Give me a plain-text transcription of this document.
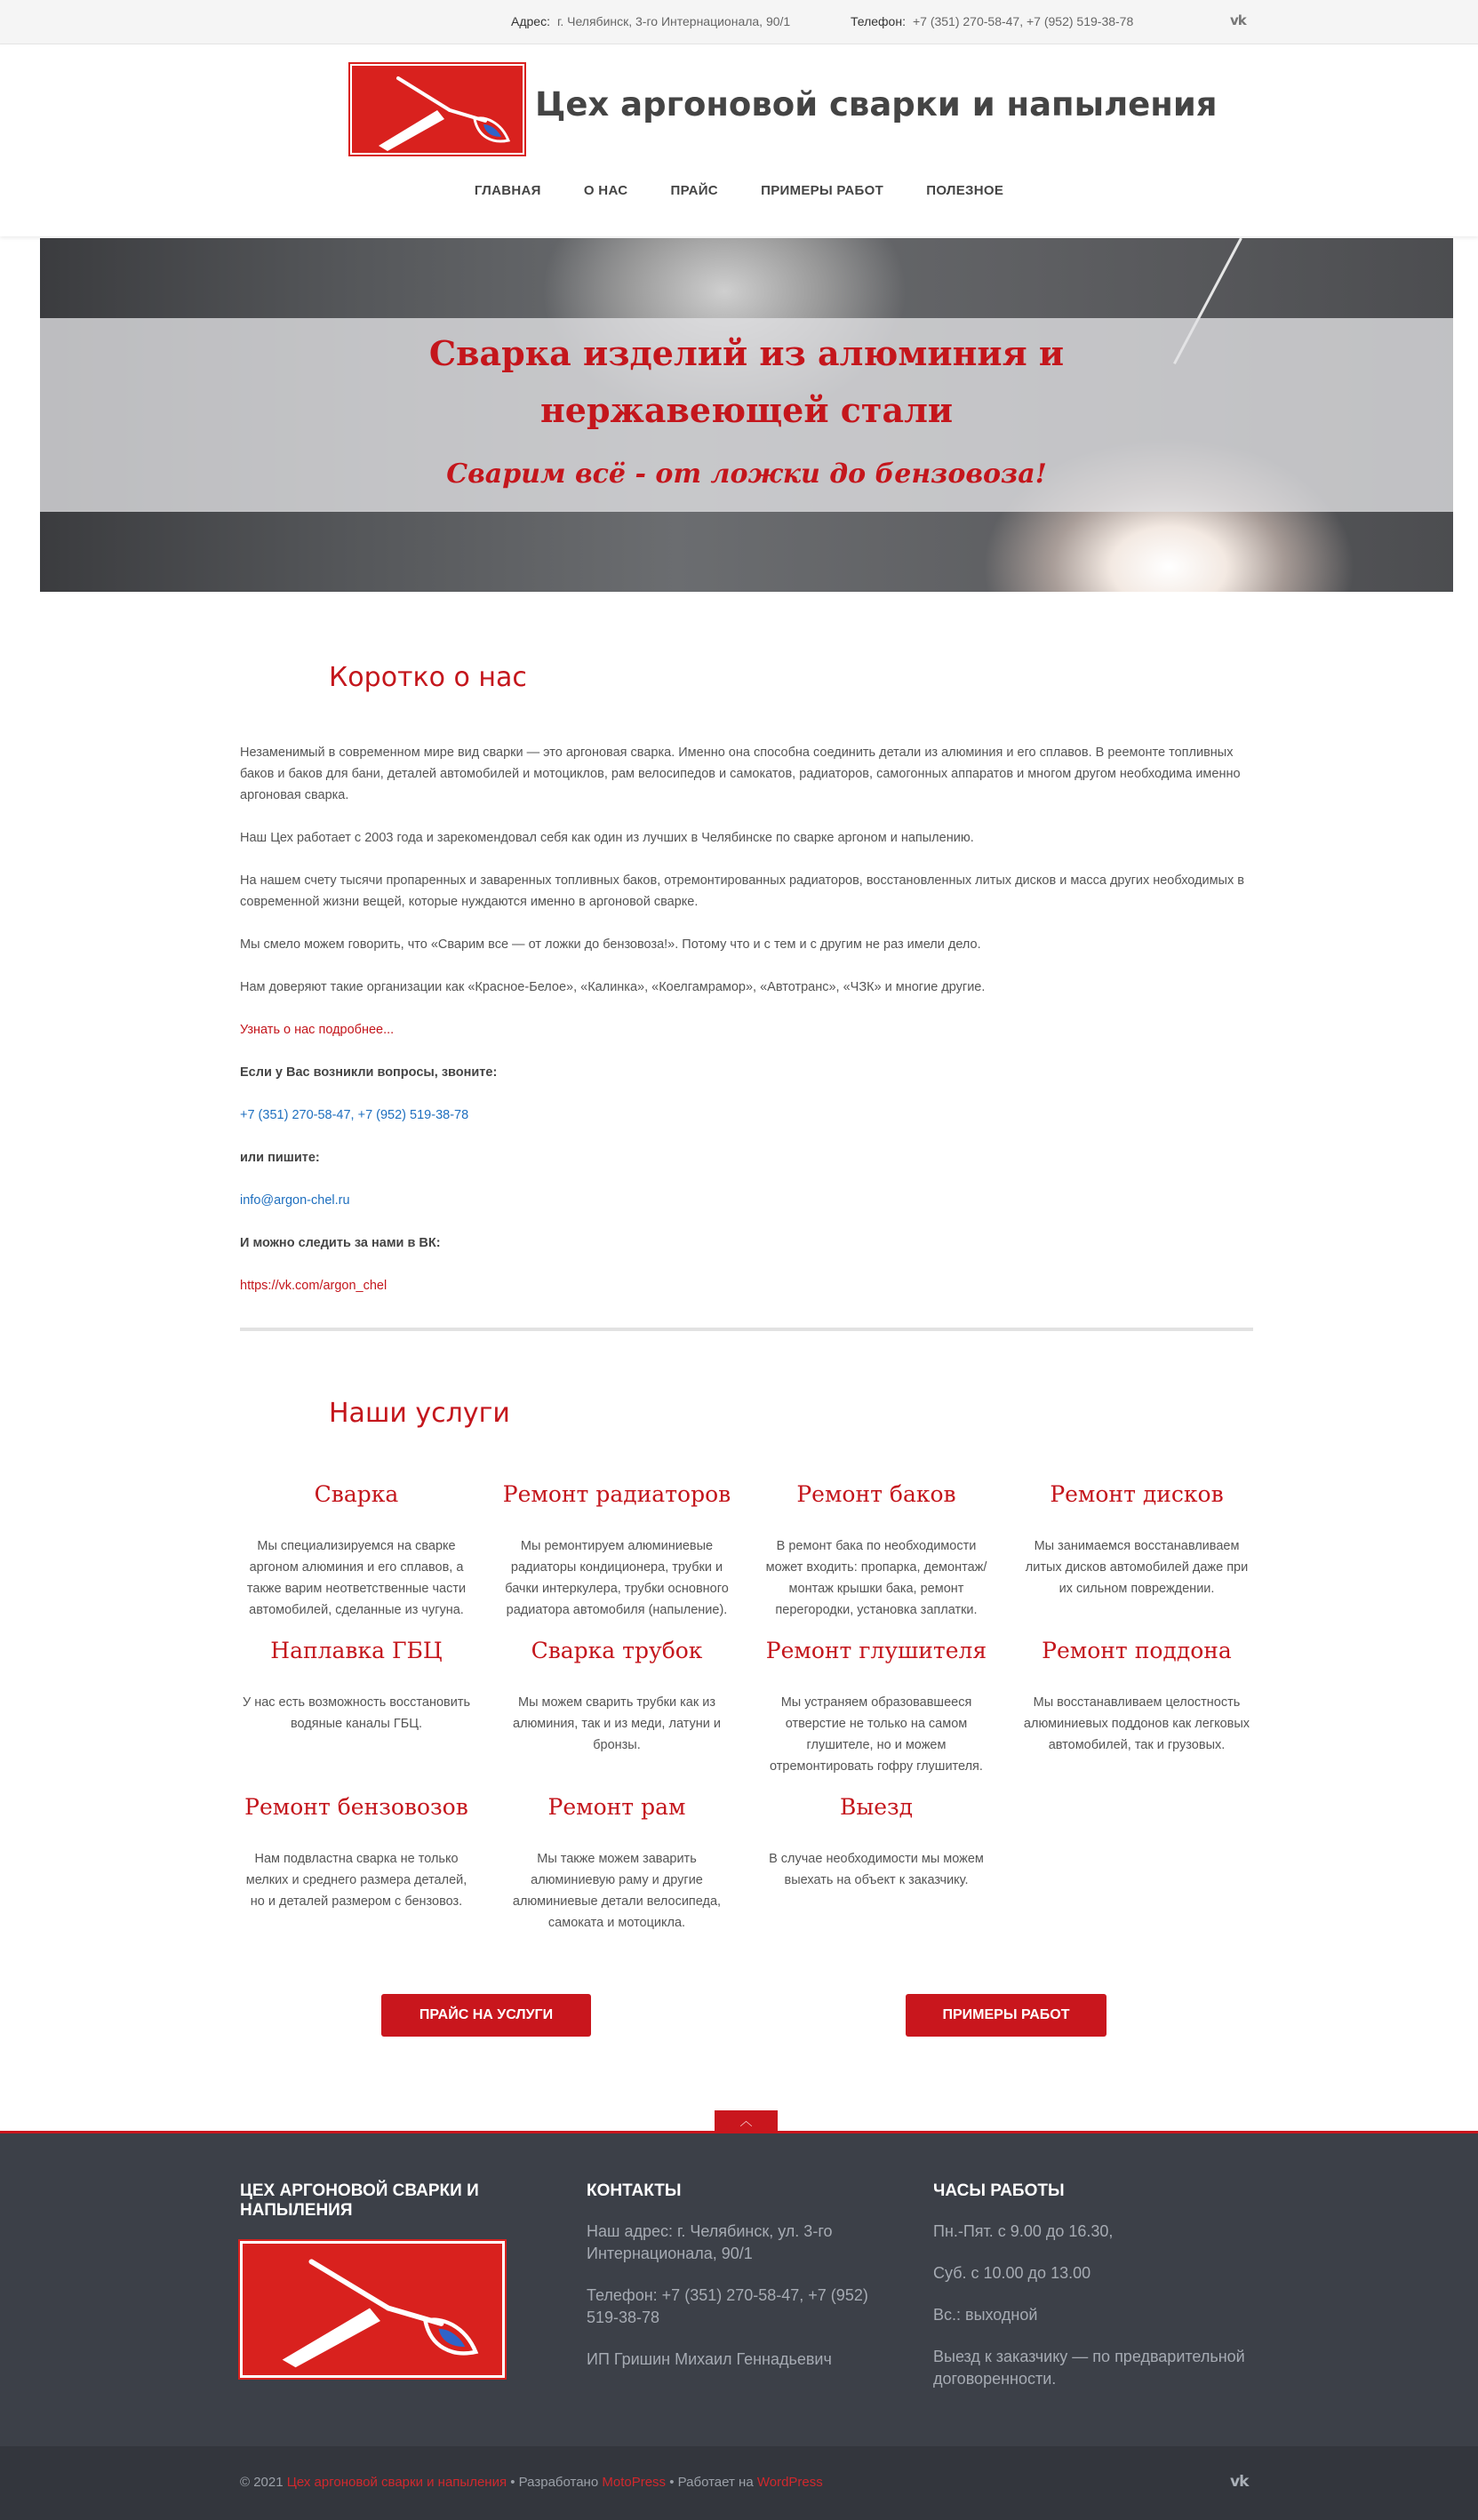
Адрес: г. Челябинск, 3-го Интернационала, 90/1	Телефон: +7 (351) 270-58-47, +7 (952) 519-38-78	vk
Цех аргоновой сварки и напыления
ГЛАВНАЯ	О НАС	ПРАЙС	ПРИМЕРЫ РАБОТ	ПОЛЕЗНОЕ
Сварка изделий из алюминия и
нержавеющей стали
Сварим всё - от ложки до бензовоза!
Коротко о нас

Незаменимый в современном мире вид сварки — это аргоновая сварка. Именно она способна соединить детали из алюминия и его сплавов. В реемонте топливных баков и баков для бани, деталей автомобилей и мотоциклов, рам велосипедов и самокатов, радиаторов, самогонных аппаратов и многом другом необходима именно аргоновая сварка.

Наш Цех работает с 2003 года и зарекомендовал себя как один из лучших в Челябинске по сварке аргоном и напылению.

На нашем счету тысячи пропаренных и заваренных топливных баков, отремонтированных радиаторов, восстановленных литых дисков и масса других необходимых в современной жизни вещей, которые нуждаются именно в аргоновой сварке.

Мы смело можем говорить, что «Сварим все — от ложки до бензовоза!». Потому что и с тем и с другим не раз имели дело.

Нам доверяют такие организации как «Красное-Белое», «Калинка», «Коелгамрамор», «Автотранс», «ЧЗК» и многие другие.

Узнать о нас подробнее...

Если у Вас возникли вопросы, звоните:

+7 (351) 270-58-47, +7 (952) 519-38-78

или пишите:

info@argon-chel.ru

И можно следить за нами в ВК:

https://vk.com/argon_chel

Наши услуги
Сварка

Мы специализируемся на сварке аргоном алюминия и его сплавов, а также варим неответственные части автомобилей, сделанные из чугуна.

Ремонт радиаторов

Мы ремонтируем алюминиевые радиаторы кондиционера, трубки и бачки интеркулера, трубки основного радиатора автомобиля (напыление).

Ремонт баков

В ремонт бака по необходимости может входить: пропарка, демонтаж/монтаж крышки бака, ремонт перегородки, установка заплатки.

Ремонт дисков

Мы занимаемся восстанавливаем литых дисков автомобилей даже при их сильном повреждении.

Наплавка ГБЦ

У нас есть возможность восстановить водяные каналы ГБЦ.

Сварка трубок

Мы можем сварить трубки как из алюминия, так и из меди, латуни и бронзы.

Ремонт глушителя

Мы устраняем образовавшееся отверстие не только на самом глушителе, но и можем отремонтировать гофру глушителя.

Ремонт поддона

Мы восстанавливаем целостность алюминиевых поддонов как легковых автомобилей, так и грузовых.

Ремонт бензовозов

Нам подвластна сварка не только мелких и среднего размера деталей, но и деталей размером с бензовоз.

Ремонт рам

Мы также можем заварить алюминиевую раму и другие алюминиевые детали велосипеда, самоката и мотоцикла.

Выезд

В случае необходимости мы можем выехать на объект к заказчику.

ПРАЙС НА УСЛУГИ	ПРИМЕРЫ РАБОТ
︿
ЦЕХ АРГОНОВОЙ СВАРКИ И НАПЫЛЕНИЯ
КОНТАКТЫ

Наш адрес: г. Челябинск, ул. 3-го Интернационала, 90/1

Телефон: +7 (351) 270-58-47, +7 (952) 519-38-78

ИП Гришин Михаил Геннадьевич

ЧАСЫ РАБОТЫ

Пн.-Пят. с 9.00 до 16.30,

Суб. с 10.00 до 13.00

Вс.: выходной

Выезд к заказчику — по предварительной договоренности.

© 2021 Цех аргоновой сварки и напыления • Разработано MotoPress • Работает на WordPress	vk
